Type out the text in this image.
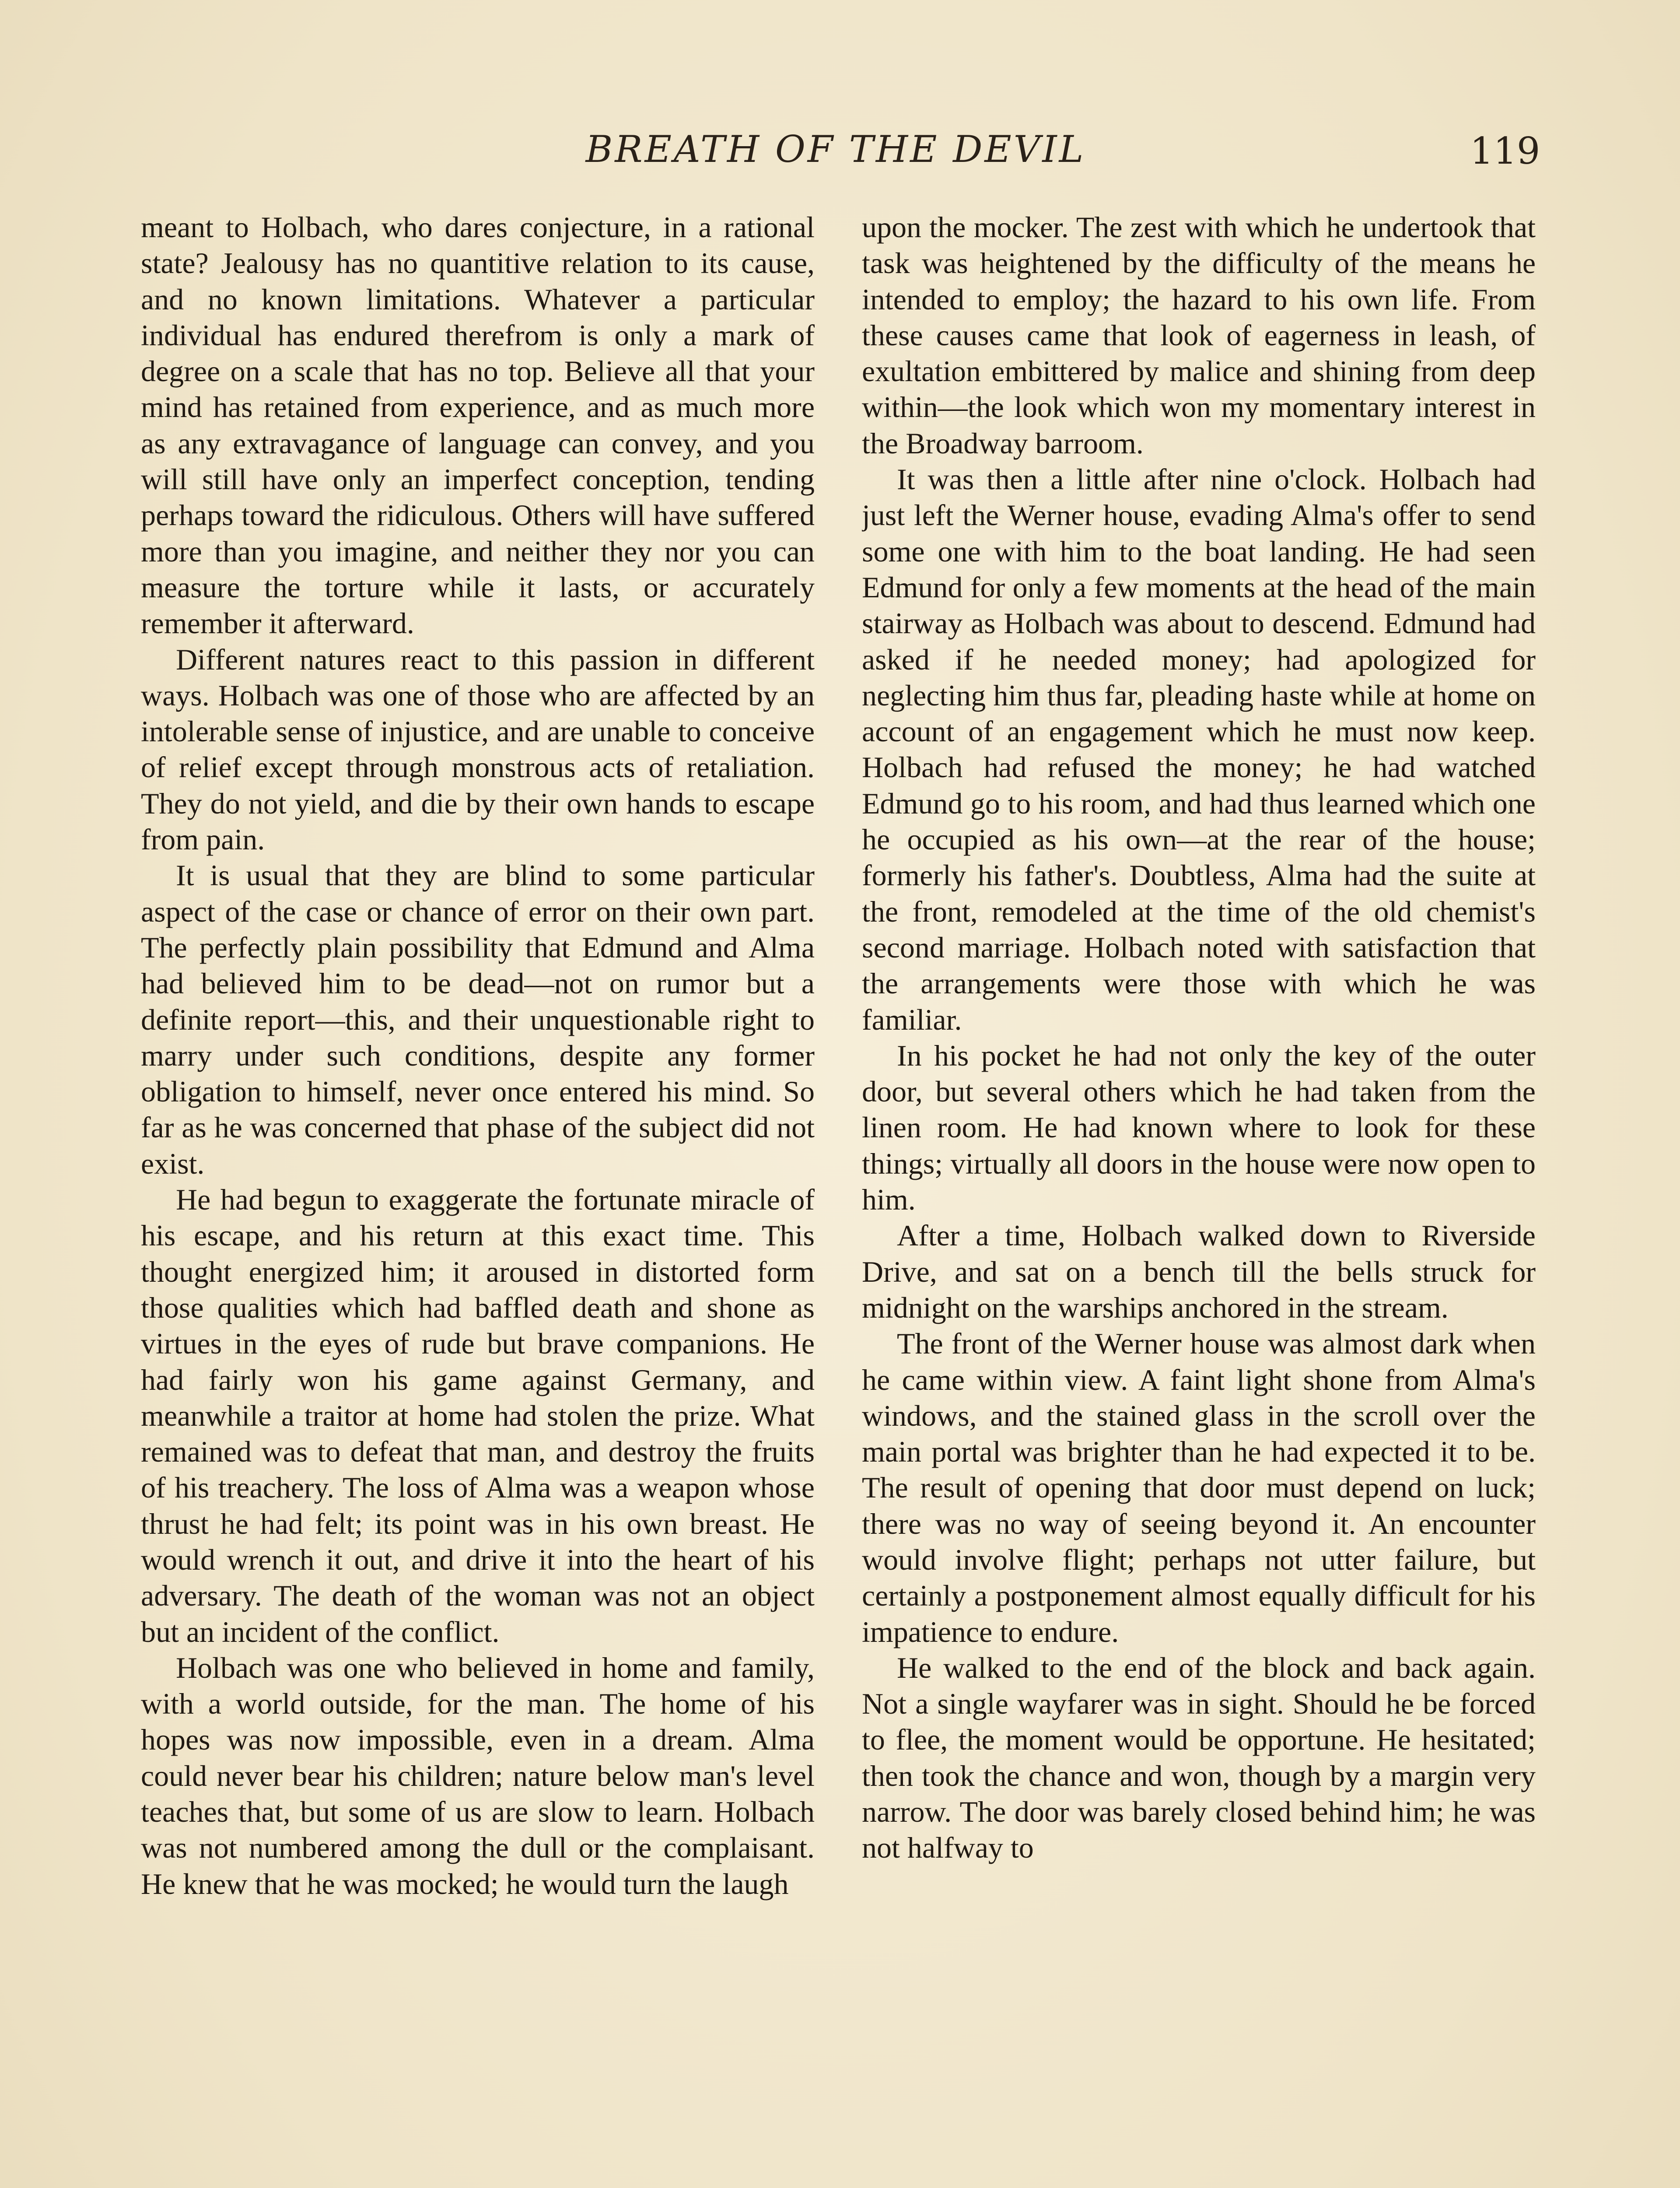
BREATH OF THE DEVIL	119

meant to Holbach, who dares conjecture, in a rational state? Jealousy has no quantitive relation to its cause, and no known limitations. Whatever a particular individual has endured therefrom is only a mark of degree on a scale that has no top. Believe all that your mind has retained from experience, and as much more as any extravagance of language can convey, and you will still have only an imperfect conception, tending perhaps toward the ridiculous. Others will have suffered more than you imagine, and neither they nor you can measure the torture while it lasts, or accurately remember it afterward.

Different natures react to this passion in different ways. Holbach was one of those who are affected by an intolerable sense of injustice, and are unable to conceive of relief except through monstrous acts of retaliation. They do not yield, and die by their own hands to escape from pain.

It is usual that they are blind to some particular aspect of the case or chance of error on their own part. The perfectly plain possibility that Edmund and Alma had believed him to be dead—not on rumor but a definite report—this, and their unquestionable right to marry under such conditions, despite any former obligation to himself, never once entered his mind. So far as he was concerned that phase of the subject did not exist.

He had begun to exaggerate the fortunate miracle of his escape, and his return at this exact time. This thought energized him; it aroused in distorted form those qualities which had baffled death and shone as virtues in the eyes of rude but brave companions. He had fairly won his game against Germany, and meanwhile a traitor at home had stolen the prize. What remained was to defeat that man, and destroy the fruits of his treachery. The loss of Alma was a weapon whose thrust he had felt; its point was in his own breast. He would wrench it out, and drive it into the heart of his adversary. The death of the woman was not an object but an incident of the conflict.

Holbach was one who believed in home and family, with a world outside, for the man. The home of his hopes was now impossible, even in a dream. Alma could never bear his children; nature below man's level teaches that, but some of us are slow to learn. Holbach was not numbered among the dull or the complaisant. He knew that he was mocked; he would turn the laugh

upon the mocker. The zest with which he undertook that task was heightened by the difficulty of the means he intended to employ; the hazard to his own life. From these causes came that look of eagerness in leash, of exultation embittered by malice and shining from deep within—the look which won my momentary interest in the Broadway barroom.

It was then a little after nine o'clock. Holbach had just left the Werner house, evading Alma's offer to send some one with him to the boat landing. He had seen Edmund for only a few moments at the head of the main stairway as Holbach was about to descend. Edmund had asked if he needed money; had apologized for neglecting him thus far, pleading haste while at home on account of an engagement which he must now keep. Holbach had refused the money; he had watched Edmund go to his room, and had thus learned which one he occupied as his own—at the rear of the house; formerly his father's. Doubtless, Alma had the suite at the front, remodeled at the time of the old chemist's second marriage. Holbach noted with satisfaction that the arrangements were those with which he was familiar.

In his pocket he had not only the key of the outer door, but several others which he had taken from the linen room. He had known where to look for these things; virtually all doors in the house were now open to him.

After a time, Holbach walked down to Riverside Drive, and sat on a bench till the bells struck for midnight on the warships anchored in the stream.

The front of the Werner house was almost dark when he came within view. A faint light shone from Alma's windows, and the stained glass in the scroll over the main portal was brighter than he had expected it to be. The result of opening that door must depend on luck; there was no way of seeing beyond it. An encounter would involve flight; perhaps not utter failure, but certainly a postponement almost equally difficult for his impatience to endure.

He walked to the end of the block and back again. Not a single wayfarer was in sight. Should he be forced to flee, the moment would be opportune. He hesitated; then took the chance and won, though by a margin very narrow. The door was barely closed behind him; he was not halfway to
